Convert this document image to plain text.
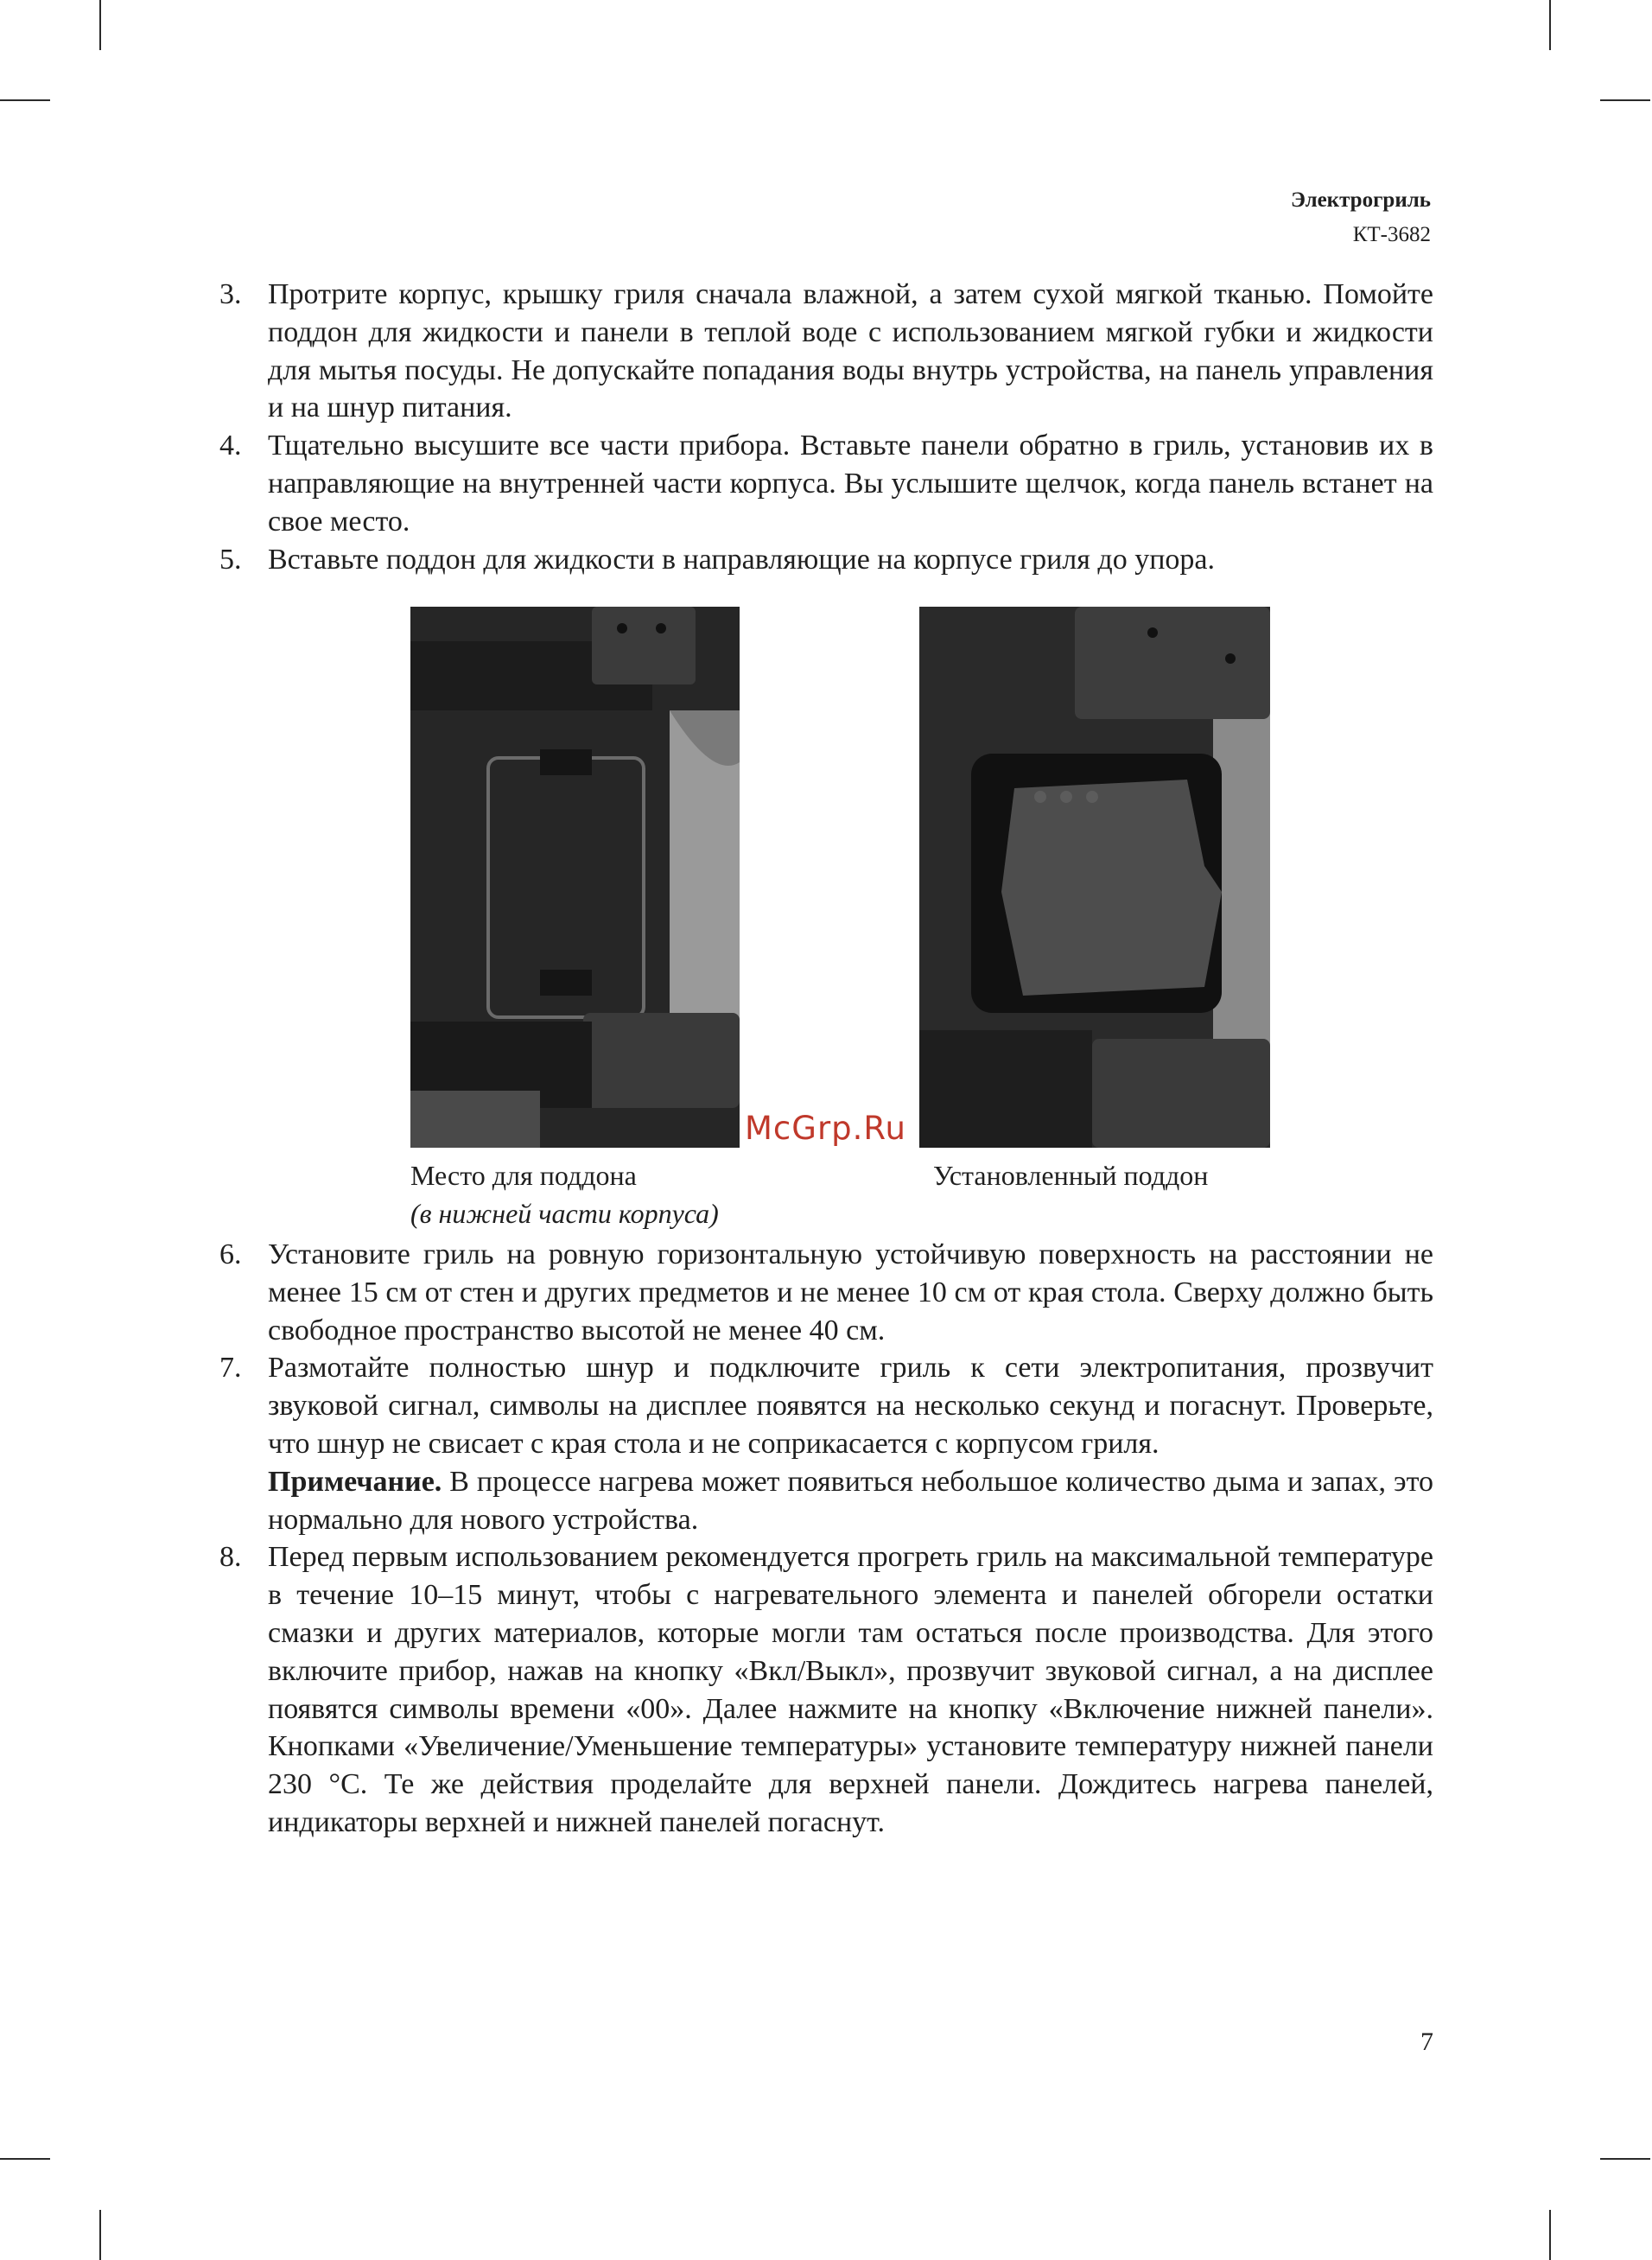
Электрогриль
КТ-3682
3. Протрите корпус, крышку гриля сначала влажной, а затем сухой мягкой тканью. Помойте поддон для жидкости и панели в теплой воде с использованием мягкой губки и жидкости для мытья посуды. Не допускайте попадания воды внутрь устройства, на панель управления и на шнур питания.
4. Тщательно высушите все части прибора. Вставьте панели обратно в гриль, установив их в направляющие на внутренней части корпуса. Вы услышите щелчок, когда панель встанет на свое место.
5. Вставьте поддон для жидкости в направляющие на корпусе гриля до упора.
Место для поддона
(в нижней части корпуса)
Установленный поддон
McGrp.Ru
6. Установите гриль на ровную горизонтальную устойчивую поверхность на расстоянии не менее 15 см от стен и других предметов и не менее 10 см от края стола. Сверху должно быть свободное пространство высотой не менее 40 см.
7. Размотайте полностью шнур и подключите гриль к сети электропитания, прозвучит звуковой сигнал, символы на дисплее появятся на несколько секунд и погаснут. Проверьте, что шнур не свисает с края стола и не соприкасается с корпусом гриля.

Примечание. В процессе нагрева может появиться небольшое количество дыма и запах, это нормально для нового устройства.

8. Перед первым использованием рекомендуется прогреть гриль на максимальной температуре в течение 10–15 минут, чтобы с нагревательного элемента и панелей обгорели остатки смазки и других материалов, которые могли там остаться после производства. Для этого включите прибор, нажав на кнопку «Вкл/Выкл», прозвучит звуковой сигнал, а на дисплее появятся символы времени «00». Далее нажмите на кнопку «Включение нижней панели». Кнопками «Увеличение/Уменьшение температуры» установите температуру нижней панели 230 °С. Те же действия проделайте для верхней панели. Дождитесь нагрева панелей, индикаторы верхней и нижней панелей погаснут.
7
